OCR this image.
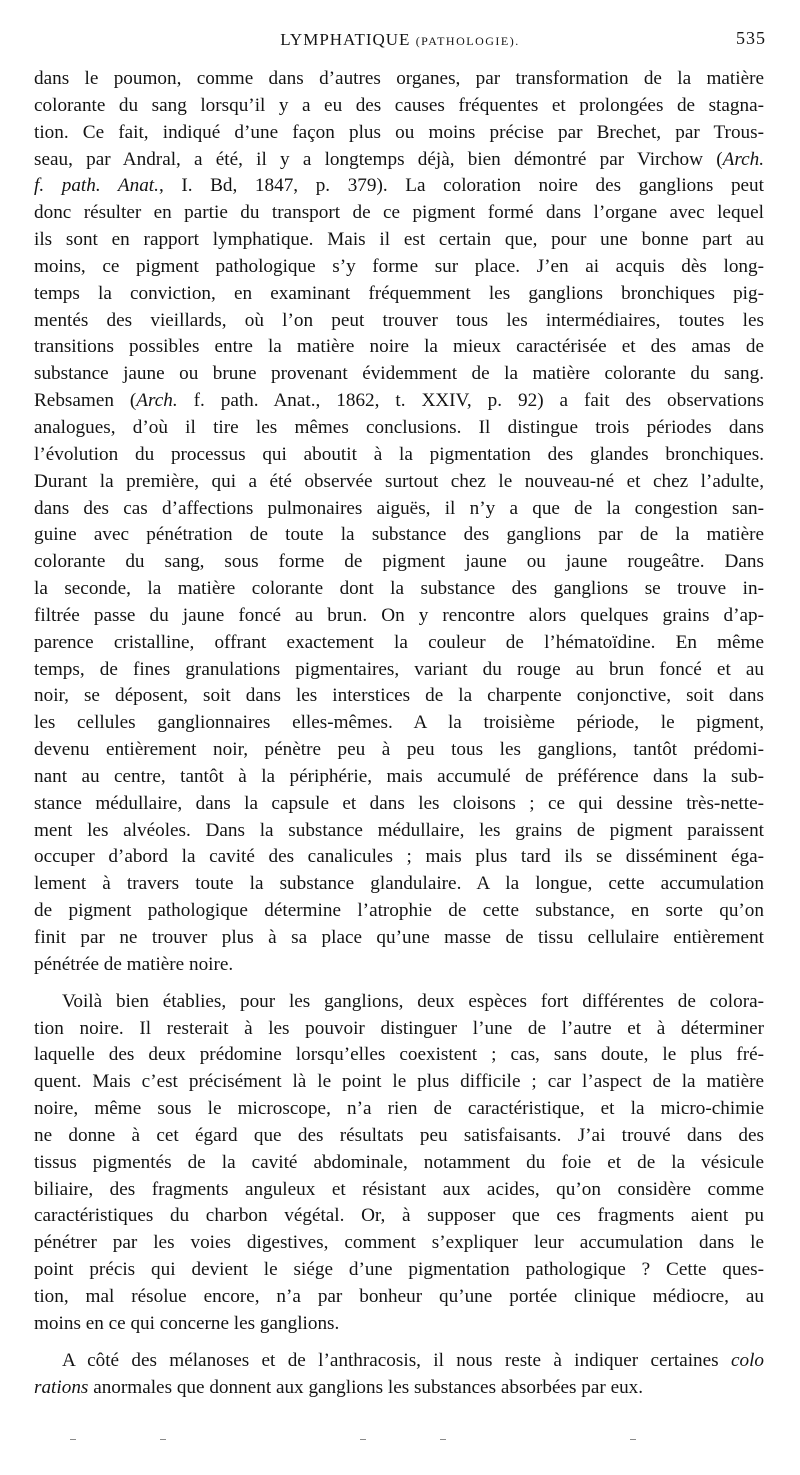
LYMPHATIQUE (PATHOLOGIE).	535
dans le poumon, comme dans d’autres organes, par transformation de la matière
colorante du sang lorsqu’il y a eu des causes fréquentes et prolongées de stagna-
tion. Ce fait, indiqué d’une façon plus ou moins précise par Brechet, par Trous-
seau, par Andral, a été, il y a longtemps déjà, bien démontré par Virchow (Arch.
f. path. Anat., I. Bd, 1847, p. 379). La coloration noire des ganglions peut
donc résulter en partie du transport de ce pigment formé dans l’organe avec lequel
ils sont en rapport lymphatique. Mais il est certain que, pour une bonne part au
moins, ce pigment pathologique s’y forme sur place. J’en ai acquis dès long-
temps la conviction, en examinant fréquemment les ganglions bronchiques pig-
mentés des vieillards, où l’on peut trouver tous les intermédiaires, toutes les
transitions possibles entre la matière noire la mieux caractérisée et des amas de
substance jaune ou brune provenant évidemment de la matière colorante du sang.
Rebsamen (Arch. f. path. Anat., 1862, t. XXIV, p. 92) a fait des observations
analogues, d’où il tire les mêmes conclusions. Il distingue trois périodes dans
l’évolution du processus qui aboutit à la pigmentation des glandes bronchiques.
Durant la première, qui a été observée surtout chez le nouveau-né et chez l’adulte,
dans des cas d’affections pulmonaires aiguës, il n’y a que de la congestion san-
guine avec pénétration de toute la substance des ganglions par de la matière
colorante du sang, sous forme de pigment jaune ou jaune rougeâtre. Dans
la seconde, la matière colorante dont la substance des ganglions se trouve in-
filtrée passe du jaune foncé au brun. On y rencontre alors quelques grains d’ap-
parence cristalline, offrant exactement la couleur de l’hématoïdine. En même
temps, de fines granulations pigmentaires, variant du rouge au brun foncé et au
noir, se déposent, soit dans les interstices de la charpente conjonctive, soit dans
les cellules ganglionnaires elles-mêmes. A la troisième période, le pigment,
devenu entièrement noir, pénètre peu à peu tous les ganglions, tantôt prédomi-
nant au centre, tantôt à la périphérie, mais accumulé de préférence dans la sub-
stance médullaire, dans la capsule et dans les cloisons ; ce qui dessine très-nette-
ment les alvéoles. Dans la substance médullaire, les grains de pigment paraissent
occuper d’abord la cavité des canalicules ; mais plus tard ils se disséminent éga-
lement à travers toute la substance glandulaire. A la longue, cette accumulation
de pigment pathologique détermine l’atrophie de cette substance, en sorte qu’on
finit par ne trouver plus à sa place qu’une masse de tissu cellulaire entièrement
pénétrée de matière noire.
Voilà bien établies, pour les ganglions, deux espèces fort différentes de colora-
tion noire. Il resterait à les pouvoir distinguer l’une de l’autre et à déterminer
laquelle des deux prédomine lorsqu’elles coexistent ; cas, sans doute, le plus fré-
quent. Mais c’est précisément là le point le plus difficile ; car l’aspect de la matière
noire, même sous le microscope, n’a rien de caractéristique, et la micro-chimie
ne donne à cet égard que des résultats peu satisfaisants. J’ai trouvé dans des
tissus pigmentés de la cavité abdominale, notamment du foie et de la vésicule
biliaire, des fragments anguleux et résistant aux acides, qu’on considère comme
caractéristiques du charbon végétal. Or, à supposer que ces fragments aient pu
pénétrer par les voies digestives, comment s’expliquer leur accumulation dans le
point précis qui devient le siége d’une pigmentation pathologique ? Cette ques-
tion, mal résolue encore, n’a par bonheur qu’une portée clinique médiocre, au
moins en ce qui concerne les ganglions.
A côté des mélanoses et de l’anthracosis, il nous reste à indiquer certaines colo
rations anormales que donnent aux ganglions les substances absorbées par eux.
